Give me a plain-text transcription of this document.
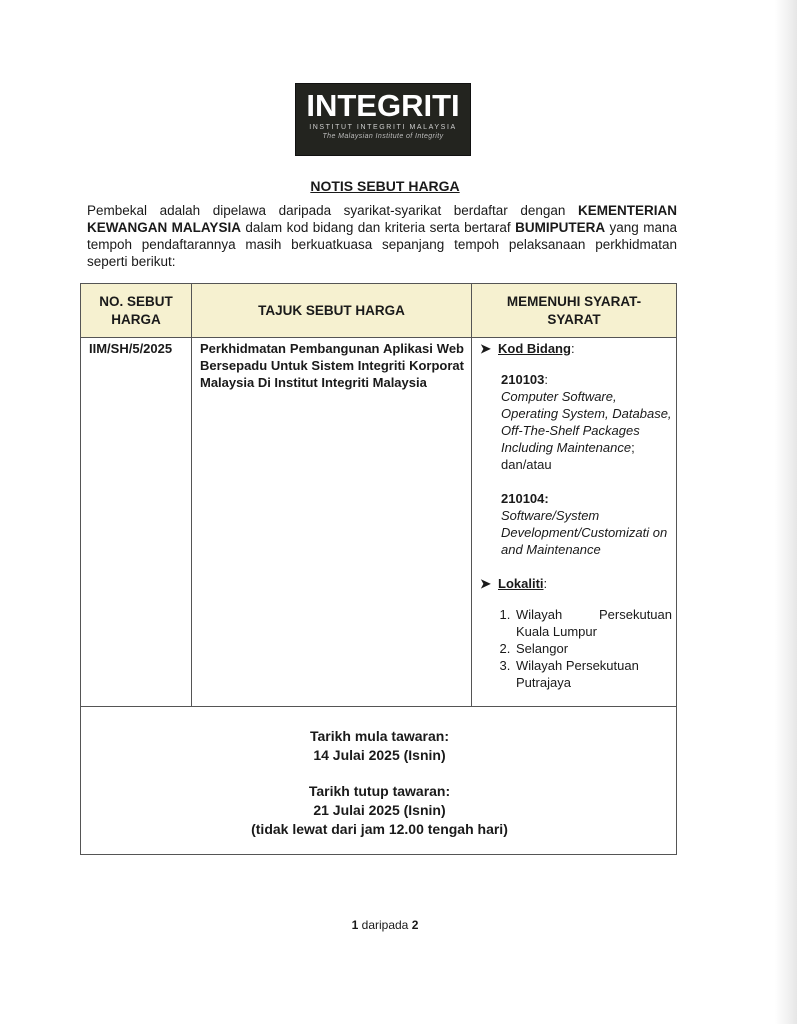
INTEGRITI
INSTITUT INTEGRITI MALAYSIA
The Malaysian Institute of Integrity
NOTIS SEBUT HARGA
Pembekal adalah dipelawa daripada syarikat-syarikat berdaftar dengan KEMENTERIAN KEWANGAN MALAYSIA dalam kod bidang dan kriteria serta bertaraf BUMIPUTERA yang mana tempoh pendaftarannya masih berkuatkuasa sepanjang tempoh pelaksanaan perkhidmatan seperti berikut:
NO. SEBUT HARGA
TAJUK SEBUT HARGA
MEMENUHI SYARAT-SYARAT
IIM/SH/5/2025	Perkhidmatan Pembangunan Aplikasi Web Bersepadu Untuk Sistem Integriti Korporat Malaysia Di Institut Integriti Malaysia
➤ Kod Bidang:
210103:
Computer Software, Operating System, Database, Off-The-Shelf Packages Including Maintenance; dan/atau
210104:
Software/System Development/Customizati on and Maintenance
➤ Lokaliti:
1. Wilayah Persekutuan Kuala Lumpur
2. Selangor
3. Wilayah Persekutuan Putrajaya
Tarikh mula tawaran:
14 Julai 2025 (Isnin)
Tarikh tutup tawaran:
21 Julai 2025 (Isnin)
(tidak lewat dari jam 12.00 tengah hari)
1 daripada 2
